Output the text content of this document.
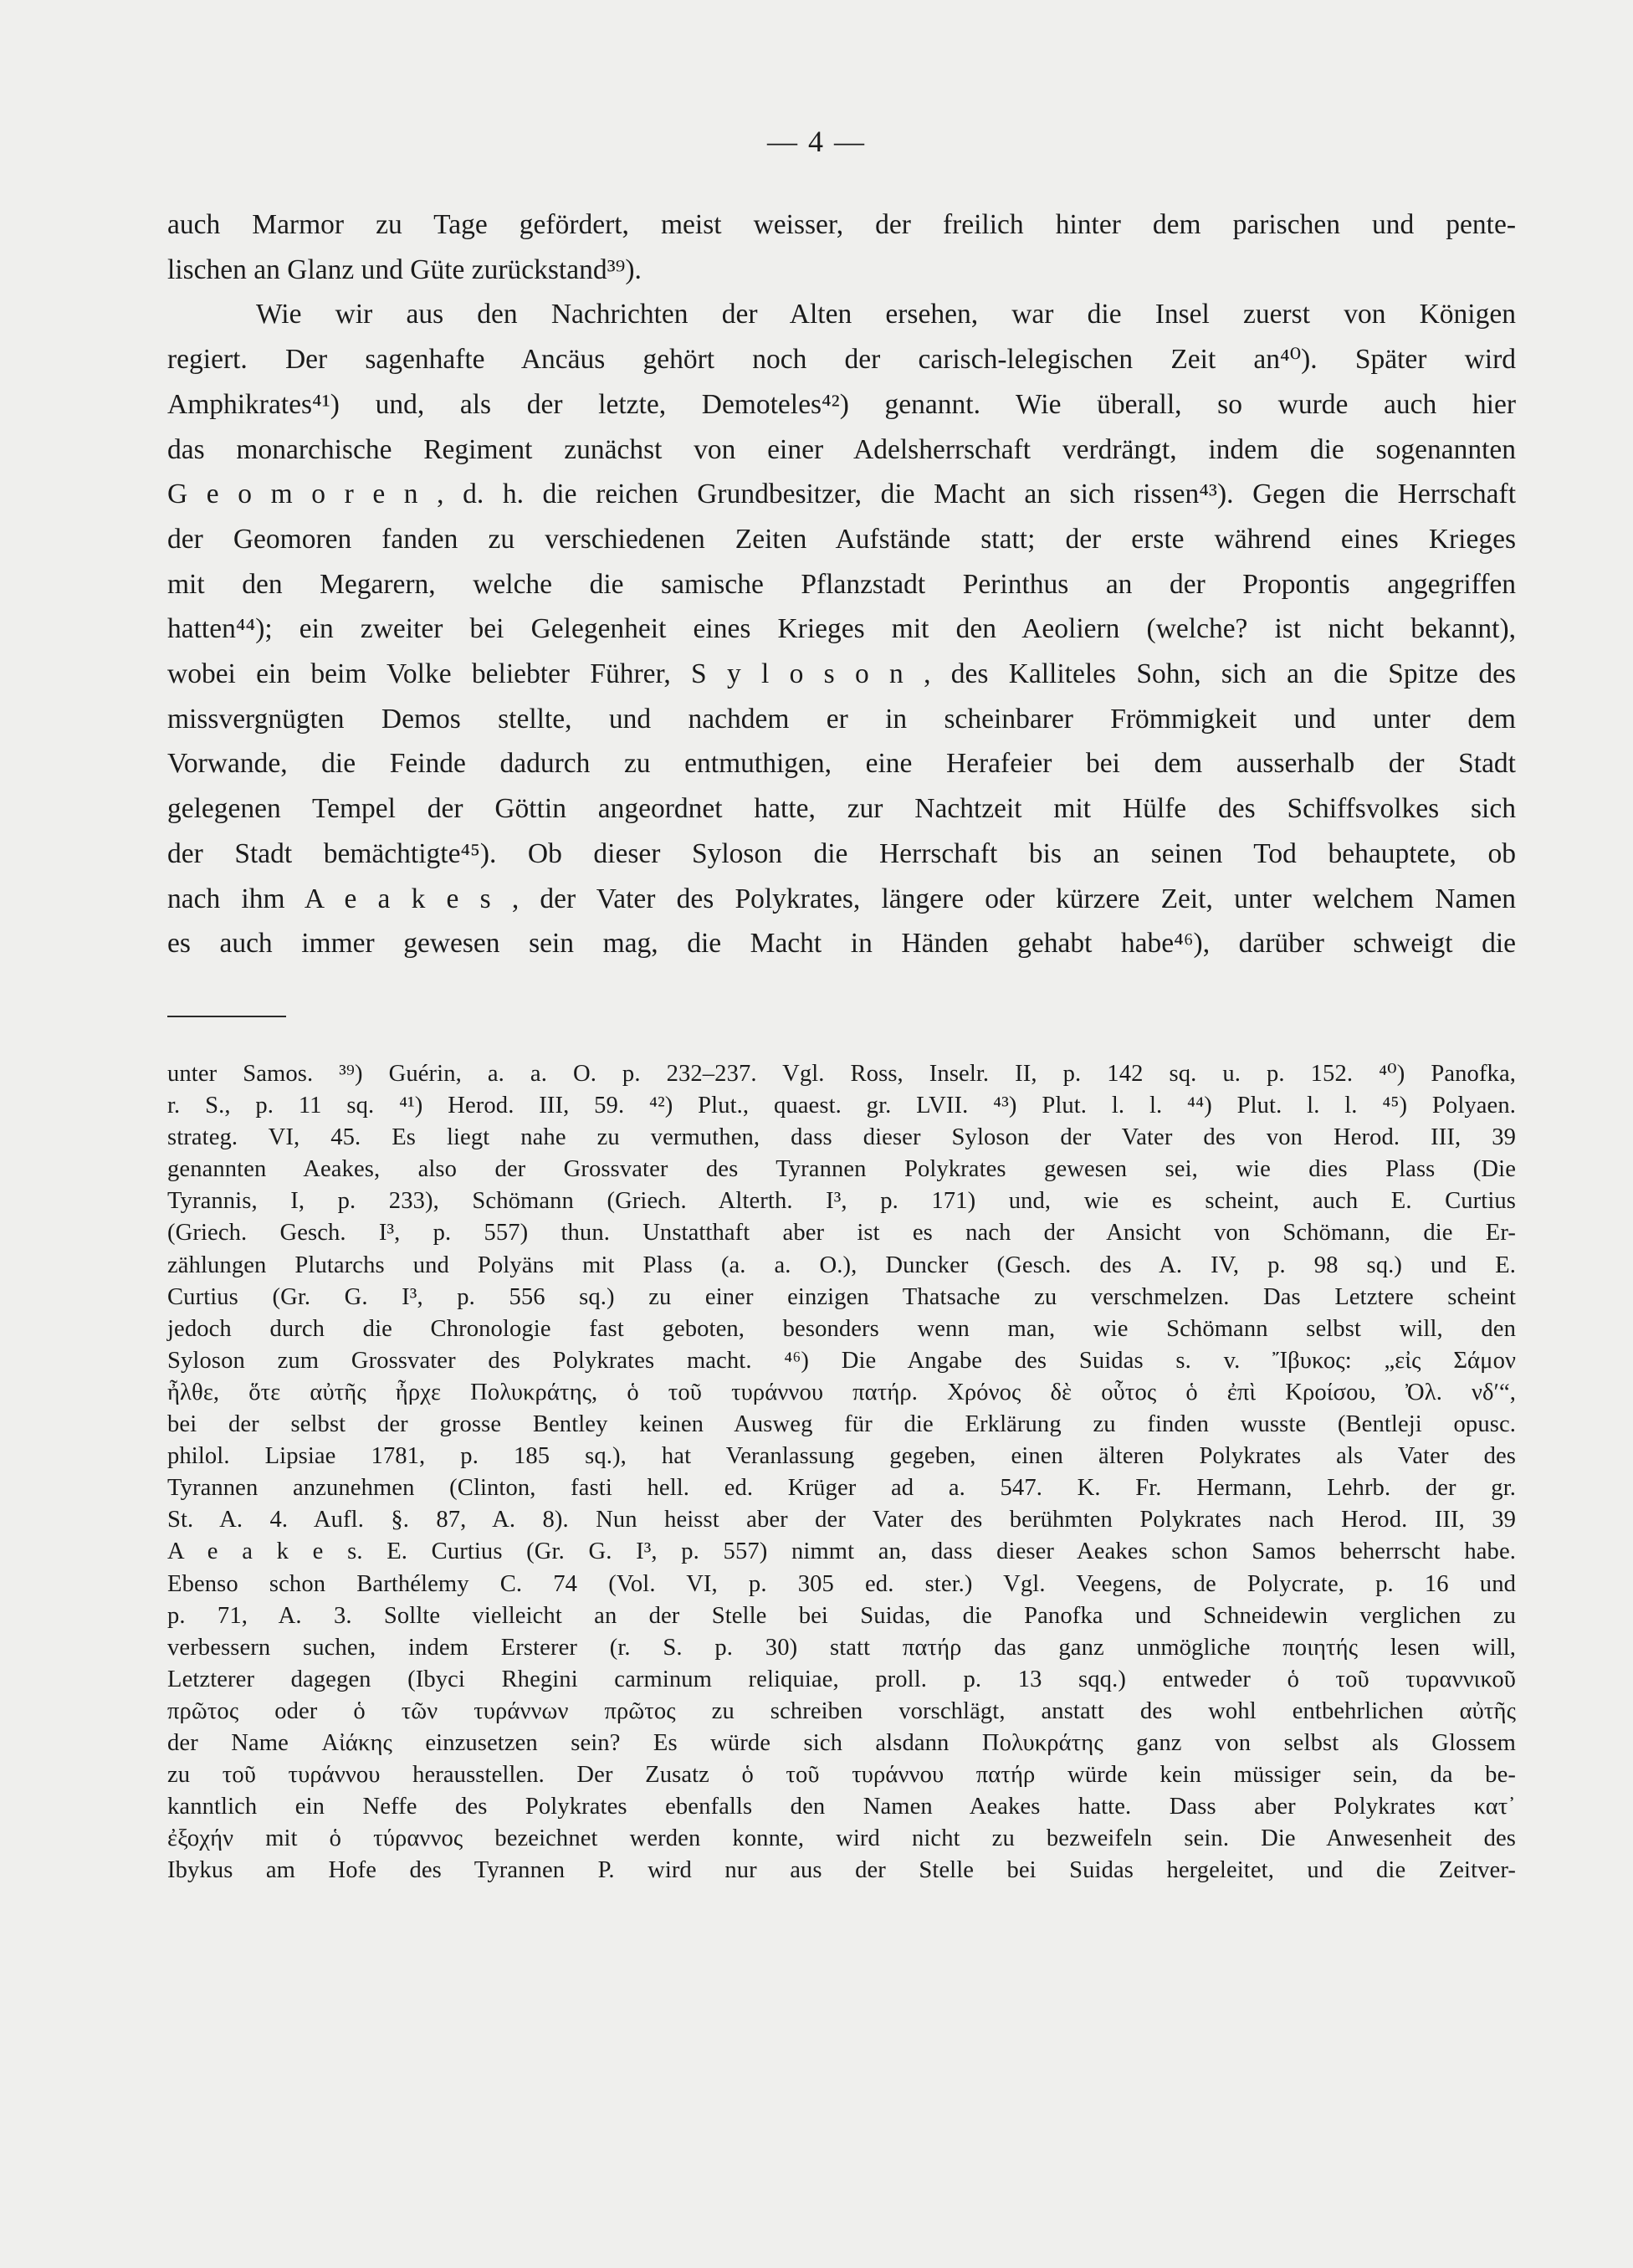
— 4 —
auch Marmor zu Tage gefördert, meist weisser, der freilich hinter dem parischen und pente-
lischen an Glanz und Güte zurückstand³⁹).
Wie wir aus den Nachrichten der Alten ersehen, war die Insel zuerst von Königen
regiert. Der sagenhafte Ancäus gehört noch der carisch-lelegischen Zeit an⁴⁰). Später wird
Amphikrates⁴¹) und, als der letzte, Demoteles⁴²) genannt. Wie überall, so wurde auch hier
das monarchische Regiment zunächst von einer Adelsherrschaft verdrängt, indem die sogenannten
G e o m o r e n , d. h. die reichen Grundbesitzer, die Macht an sich rissen⁴³). Gegen die Herrschaft
der Geomoren fanden zu verschiedenen Zeiten Aufstände statt; der erste während eines Krieges
mit den Megarern, welche die samische Pflanzstadt Perinthus an der Propontis angegriffen
hatten⁴⁴); ein zweiter bei Gelegenheit eines Krieges mit den Aeoliern (welche? ist nicht bekannt),
wobei ein beim Volke beliebter Führer, S y l o s o n , des Kalliteles Sohn, sich an die Spitze des
missvergnügten Demos stellte, und nachdem er in scheinbarer Frömmigkeit und unter dem
Vorwande, die Feinde dadurch zu entmuthigen, eine Herafeier bei dem ausserhalb der Stadt
gelegenen Tempel der Göttin angeordnet hatte, zur Nachtzeit mit Hülfe des Schiffsvolkes sich
der Stadt bemächtigte⁴⁵). Ob dieser Syloson die Herrschaft bis an seinen Tod behauptete, ob
nach ihm A e a k e s , der Vater des Polykrates, längere oder kürzere Zeit, unter welchem Namen
es auch immer gewesen sein mag, die Macht in Händen gehabt habe⁴⁶), darüber schweigt die
unter Samos. ³⁹) Guérin, a. a. O. p. 232–237. Vgl. Ross, Inselr. II, p. 142 sq. u. p. 152. ⁴⁰) Panofka,
r. S., p. 11 sq. ⁴¹) Herod. III, 59. ⁴²) Plut., quaest. gr. LVII. ⁴³) Plut. l. l. ⁴⁴) Plut. l. l. ⁴⁵) Polyaen.
strateg. VI, 45. Es liegt nahe zu vermuthen, dass dieser Syloson der Vater des von Herod. III, 39
genannten Aeakes, also der Grossvater des Tyrannen Polykrates gewesen sei, wie dies Plass (Die
Tyrannis, I, p. 233), Schömann (Griech. Alterth. I³, p. 171) und, wie es scheint, auch E. Curtius
(Griech. Gesch. I³, p. 557) thun. Unstatthaft aber ist es nach der Ansicht von Schömann, die Er-
zählungen Plutarchs und Polyäns mit Plass (a. a. O.), Duncker (Gesch. des A. IV, p. 98 sq.) und E.
Curtius (Gr. G. I³, p. 556 sq.) zu einer einzigen Thatsache zu verschmelzen. Das Letztere scheint
jedoch durch die Chronologie fast geboten, besonders wenn man, wie Schömann selbst will, den
Syloson zum Grossvater des Polykrates macht. ⁴⁶) Die Angabe des Suidas s. v. Ἴβυκος: „εἰς Σάμον
ἦλθε, ὅτε αὐτῆς ἦρχε Πολυκράτης, ὁ τοῦ τυράννου πατήρ. Χρόνος δὲ οὗτος ὁ ἐπὶ Κροίσου, Ὀλ. νδʹ“,
bei der selbst der grosse Bentley keinen Ausweg für die Erklärung zu finden wusste (Bentleji opusc.
philol. Lipsiae 1781, p. 185 sq.), hat Veranlassung gegeben, einen älteren Polykrates als Vater des
Tyrannen anzunehmen (Clinton, fasti hell. ed. Krüger ad a. 547. K. Fr. Hermann, Lehrb. der gr.
St. A. 4. Aufl. §. 87, A. 8). Nun heisst aber der Vater des berühmten Polykrates nach Herod. III, 39
A e a k e s. E. Curtius (Gr. G. I³, p. 557) nimmt an, dass dieser Aeakes schon Samos beherrscht habe.
Ebenso schon Barthélemy C. 74 (Vol. VI, p. 305 ed. ster.) Vgl. Veegens, de Polycrate, p. 16 und
p. 71, A. 3. Sollte vielleicht an der Stelle bei Suidas, die Panofka und Schneidewin verglichen zu
verbessern suchen, indem Ersterer (r. S. p. 30) statt πατήρ das ganz unmögliche ποιητής lesen will,
Letzterer dagegen (Ibyci Rhegini carminum reliquiae, proll. p. 13 sqq.) entweder ὁ τοῦ τυραννικοῦ
πρῶτος oder ὁ τῶν τυράννων πρῶτος zu schreiben vorschlägt, anstatt des wohl entbehrlichen αὐτῆς
der Name Αἰάκης einzusetzen sein? Es würde sich alsdann Πολυκράτης ganz von selbst als Glossem
zu τοῦ τυράννου herausstellen. Der Zusatz ὁ τοῦ τυράννου πατήρ würde kein müssiger sein, da be-
kanntlich ein Neffe des Polykrates ebenfalls den Namen Aeakes hatte. Dass aber Polykrates κατ᾽
ἐξοχήν mit ὁ τύραννος bezeichnet werden konnte, wird nicht zu bezweifeln sein. Die Anwesenheit des
Ibykus am Hofe des Tyrannen P. wird nur aus der Stelle bei Suidas hergeleitet, und die Zeitver-
